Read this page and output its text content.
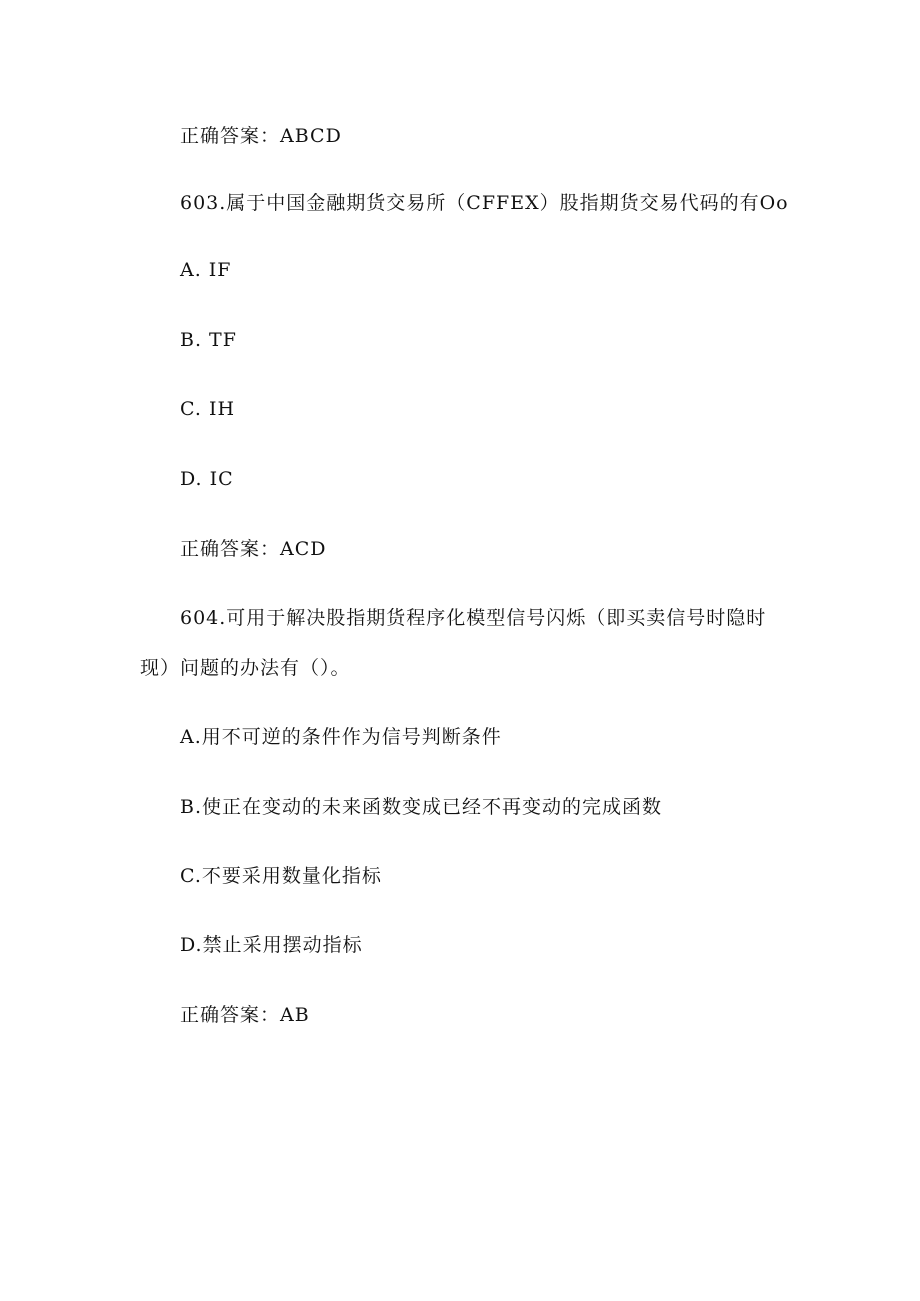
正确答案：ABCD
603.属于中国金融期货交易所（CFFEX）股指期货交易代码的有Oo
A. IF
B. TF
C. IH
D. IC
正确答案：ACD
604.可用于解决股指期货程序化模型信号闪烁（即买卖信号时隐时
现）问题的办法有（）。
A.用不可逆的条件作为信号判断条件
B.使正在变动的未来函数变成已经不再变动的完成函数
C.不要采用数量化指标
D.禁止采用摆动指标
正确答案：AB
